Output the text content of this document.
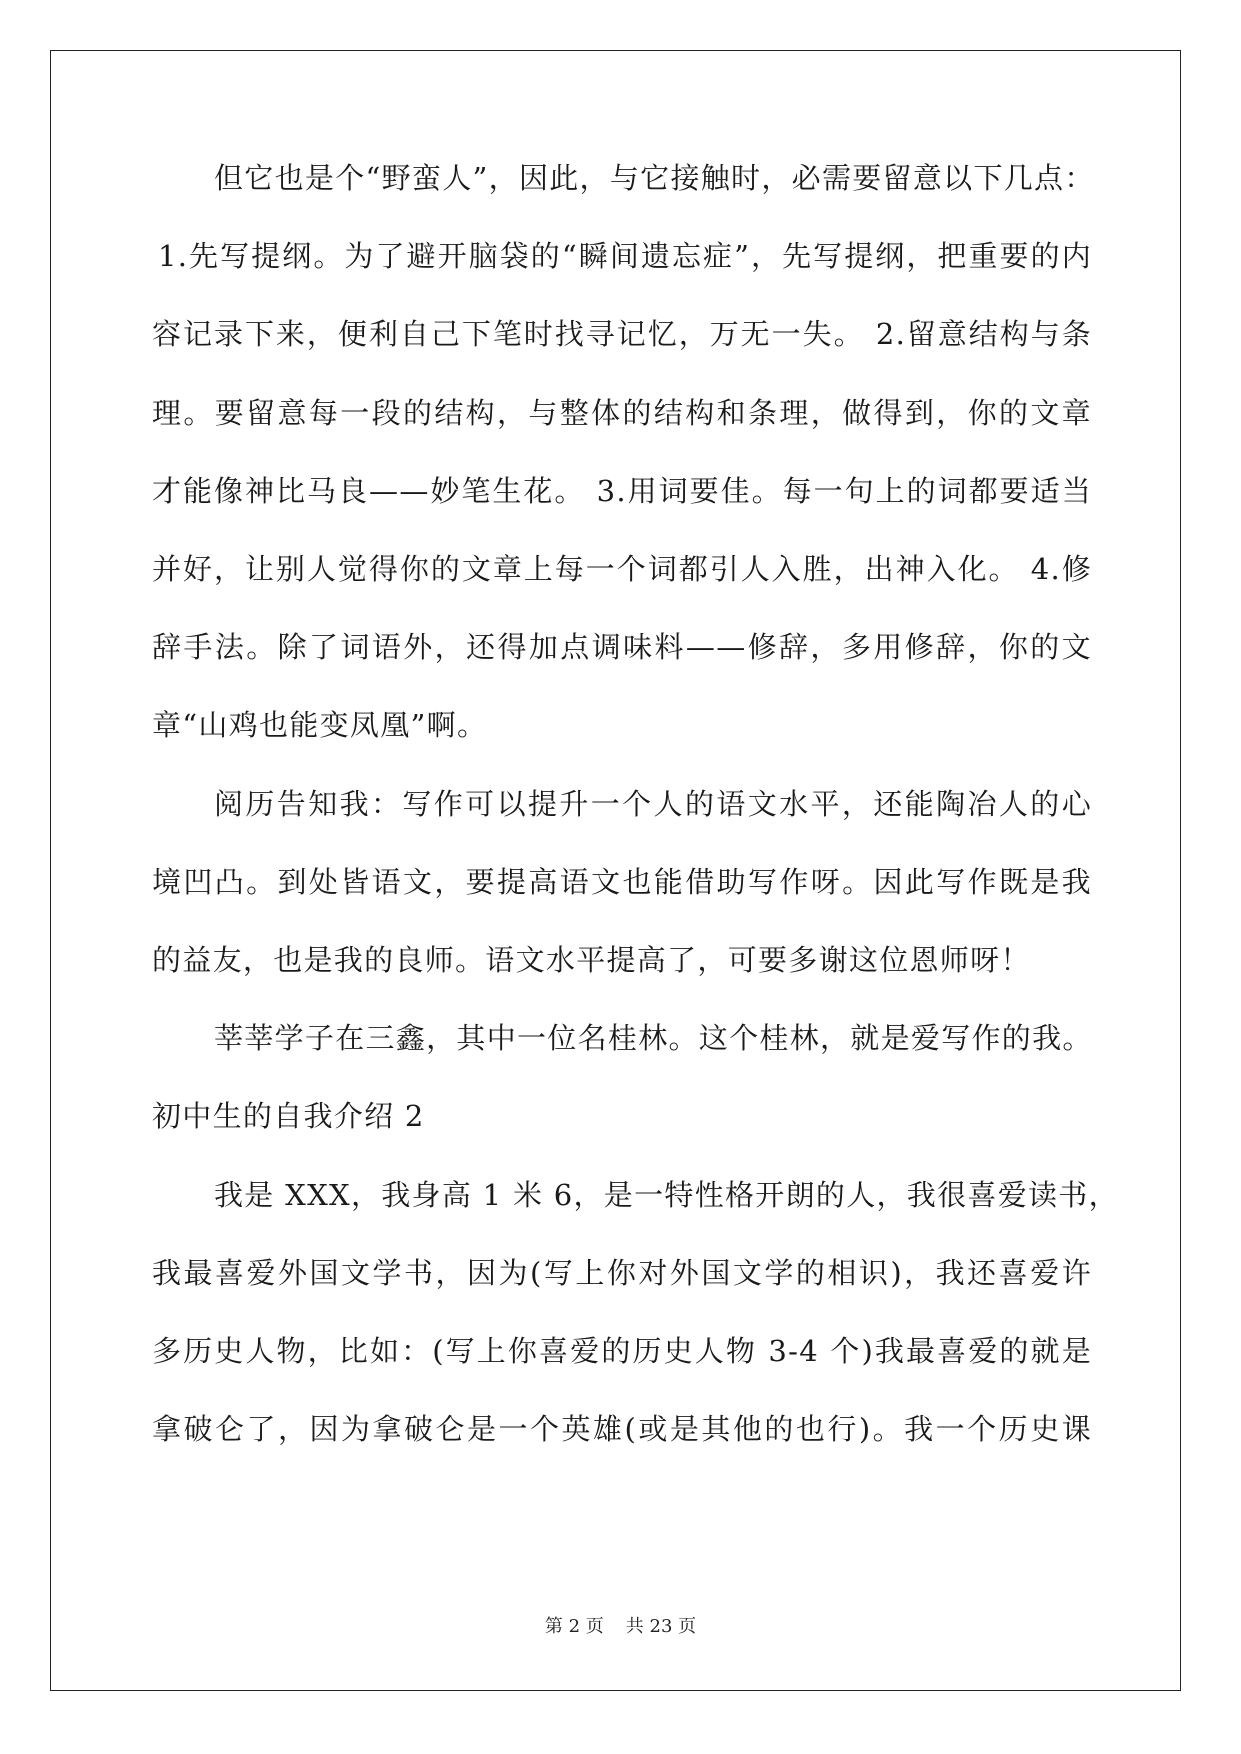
但它也是个“野蛮人”，因此，与它接触时，必需要留意以下几点：
1.先写提纲。为了避开脑袋的“瞬间遗忘症”，先写提纲，把重要的内
容记录下来，便利自己下笔时找寻记忆，万无一失。 2.留意结构与条
理。要留意每一段的结构，与整体的结构和条理，做得到，你的文章
才能像神比马良——妙笔生花。 3.用词要佳。每一句上的词都要适当
并好，让别人觉得你的文章上每一个词都引人入胜，出神入化。 4.修
辞手法。除了词语外，还得加点调味料——修辞，多用修辞，你的文
章“山鸡也能变凤凰”啊。
阅历告知我：写作可以提升一个人的语文水平，还能陶冶人的心
境凹凸。到处皆语文，要提高语文也能借助写作呀。因此写作既是我
的益友，也是我的良师。语文水平提高了，可要多谢这位恩师呀！
莘莘学子在三鑫，其中一位名桂林。这个桂林，就是爱写作的我。
初中生的自我介绍 2
我是 XXX，我身高 1 米 6，是一特性格开朗的人，我很喜爱读书，
我最喜爱外国文学书，因为(写上你对外国文学的相识)，我还喜爱许
多历史人物，比如：(写上你喜爱的历史人物 3-4 个)我最喜爱的就是
拿破仑了，因为拿破仑是一个英雄(或是其他的也行)。我一个历史课
第 2 页 共 23 页
